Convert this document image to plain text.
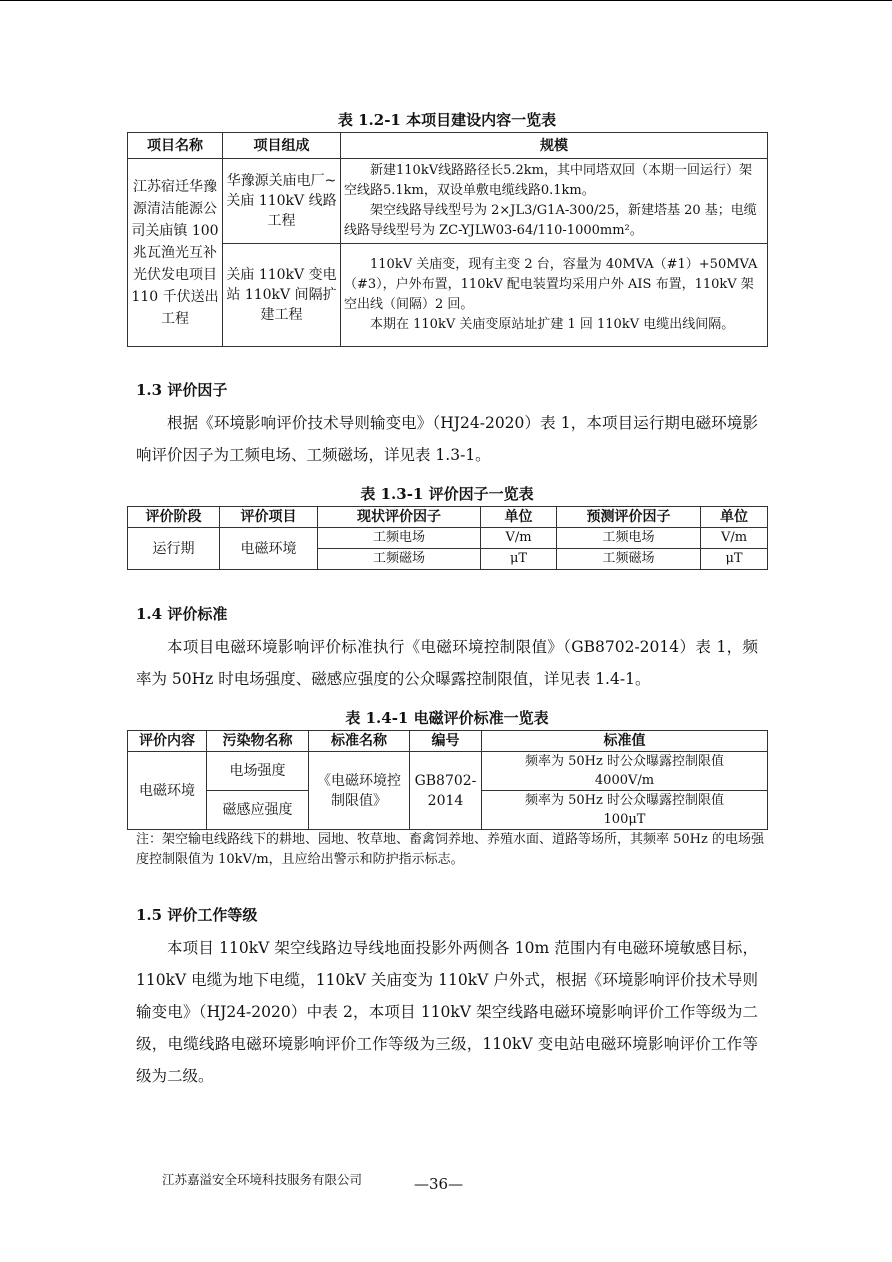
表 1.2-1 本项目建设内容一览表
项目名称	项目组成	规模
江苏宿迁华豫源清洁能源公司关庙镇 100 兆瓦渔光互补光伏发电项目 110 千伏送出工程	华豫源关庙电厂~关庙 110kV 线路工程	新建110kV线路路径长5.2km，其中同塔双回（本期一回运行）架空线路5.1km，双设单敷电缆线路0.1km。
架空线路导线型号为 2×JL3/G1A-300/25，新建塔基 20 基；电缆线路导线型号为 ZC-YJLW03-64/110-1000mm²。

	关庙 110kV 变电站 110kV 间隔扩建工程	110kV 关庙变，现有主变 2 台，容量为 40MVA（#1）+50MVA（#3），户外布置，110kV 配电装置均采用户外 AIS 布置，110kV 架空出线（间隔）2 回。
本期在 110kV 关庙变原站址扩建 1 回 110kV 电缆出线间隔。
1.3 评价因子

根据《环境影响评价技术导则输变电》（HJ24-2020）表 1，本项目运行期电磁环境影响评价因子为工频电场、工频磁场，详见表 1.3-1。

表 1.3-1 评价因子一览表
评价阶段	评价项目	现状评价因子	单位	预测评价因子	单位
运行期	电磁环境	工频电场	V/m	工频电场	V/m
		工频磁场	μT	工频磁场	μT
1.4 评价标准

本项目电磁环境影响评价标准执行《电磁环境控制限值》（GB8702-2014）表 1，频率为 50Hz 时电场强度、磁感应强度的公众曝露控制限值，详见表 1.4-1。

表 1.4-1 电磁评价标准一览表
评价内容	污染物名称	标准名称	编号	标准值
电磁环境	电场强度	《电磁环境控制限值》	GB8702-2014	频率为 50Hz 时公众曝露控制限值
4000V/m

	磁感应强度			频率为 50Hz 时公众曝露控制限值
100μT

注：架空输电线路线下的耕地、园地、牧草地、畜禽饲养地、养殖水面、道路等场所，其频率 50Hz 的电场强度控制限值为 10kV/m，且应给出警示和防护指示标志。

1.5 评价工作等级

本项目 110kV 架空线路边导线地面投影外两侧各 10m 范围内有电磁环境敏感目标，110kV 电缆为地下电缆，110kV 关庙变为 110kV 户外式，根据《环境影响评价技术导则输变电》（HJ24-2020）中表 2，本项目 110kV 架空线路电磁环境影响评价工作等级为二级，电缆线路电磁环境影响评价工作等级为三级，110kV 变电站电磁环境影响评价工作等级为二级。

江苏嘉溢安全环境科技服务有限公司	—36—
